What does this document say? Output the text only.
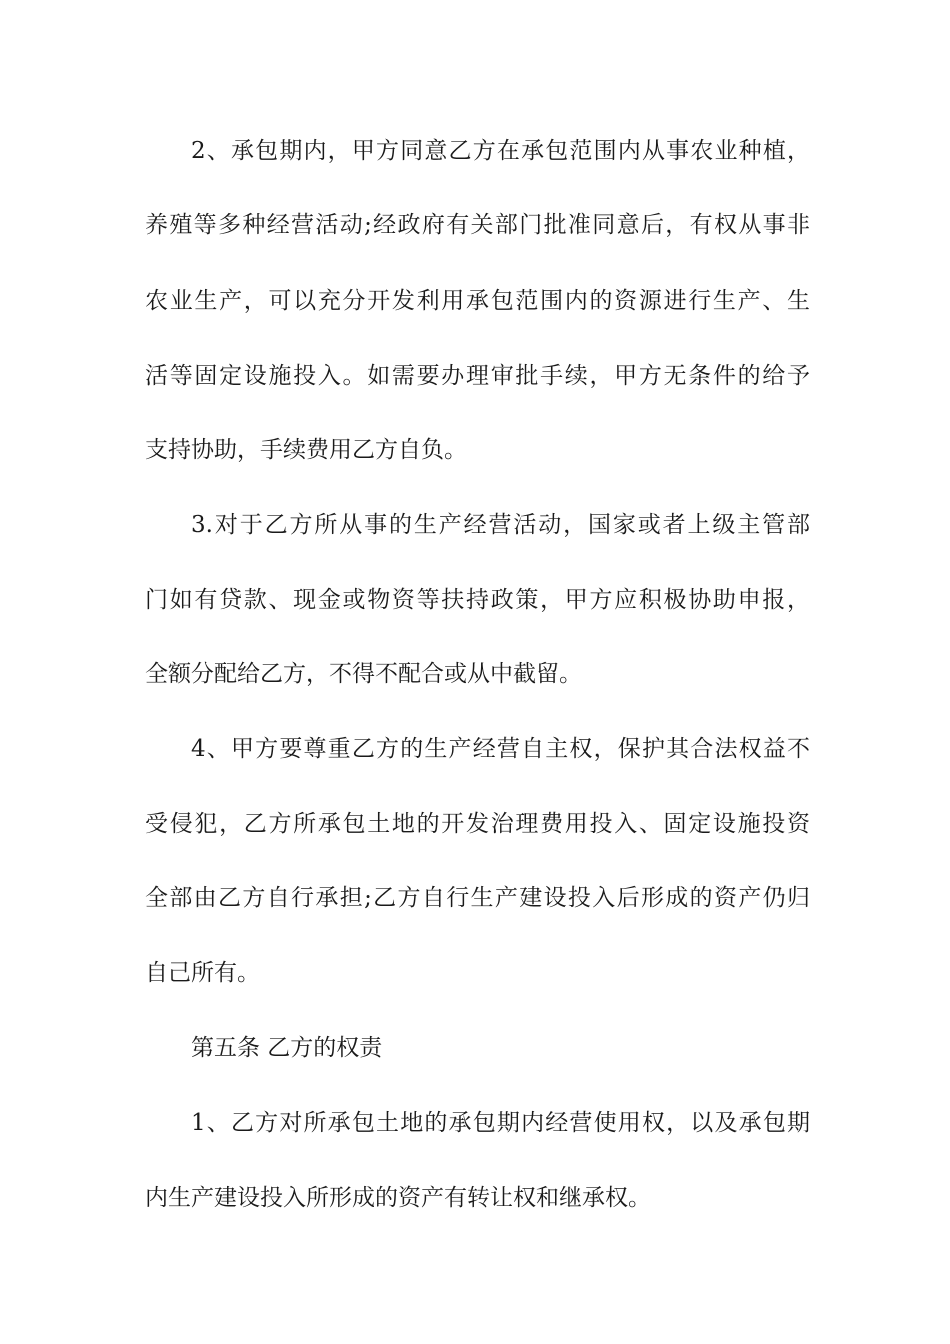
2、承包期内，甲方同意乙方在承包范围内从事农业种植，
养殖等多种经营活动;经政府有关部门批准同意后，有权从事非
农业生产，可以充分开发利用承包范围内的资源进行生产、生
活等固定设施投入。如需要办理审批手续，甲方无条件的给予
支持协助，手续费用乙方自负。
3.对于乙方所从事的生产经营活动，国家或者上级主管部
门如有贷款、现金或物资等扶持政策，甲方应积极协助申报，
全额分配给乙方，不得不配合或从中截留。
4、甲方要尊重乙方的生产经营自主权，保护其合法权益不
受侵犯，乙方所承包土地的开发治理费用投入、固定设施投资
全部由乙方自行承担;乙方自行生产建设投入后形成的资产仍归
自己所有。
第五条 乙方的权责
1、乙方对所承包土地的承包期内经营使用权，以及承包期
内生产建设投入所形成的资产有转让权和继承权。
